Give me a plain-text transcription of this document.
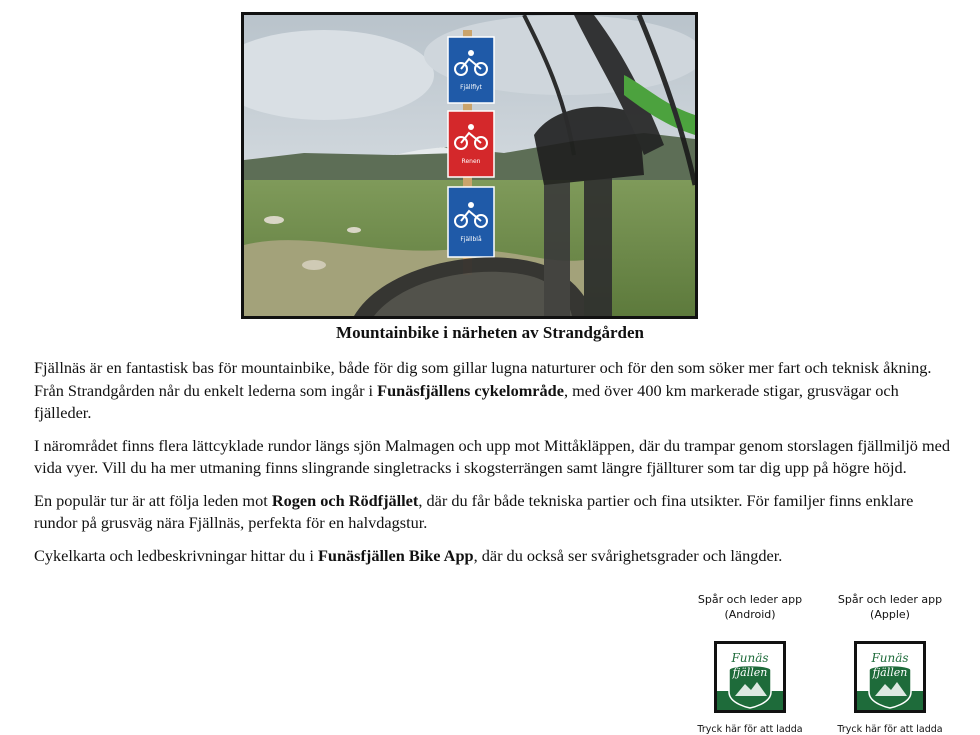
Fjällflyt
Renen
Fjällblå
Mountainbike i närheten av Strandgården

Fjällnäs är en fantastisk bas för mountainbike, både för dig som gillar lugna naturturer och för den som söker mer fart och teknisk åkning. Från Strandgården når du enkelt lederna som ingår i Funäsfjällens cykelområde, med över 400 km markerade stigar, grusvägar och fjälleder.

I närområdet finns flera lättcyklade rundor längs sjön Malmagen och upp mot Mittåkläppen, där du trampar genom storslagen fjällmiljö med vida vyer. Vill du ha mer utmaning finns slingrande singletracks i skogsterrängen samt längre fjällturer som tar dig upp på högre höjd.

En populär tur är att följa leden mot Rogen och Rödfjället, där du får både tekniska partier och fina utsikter. För familjer finns enklare rundor på grusväg nära Fjällnäs, perfekta för en halvdagstur.

Cykelkarta och ledbeskrivningar hittar du i Funäsfjällen Bike App, där du också ser svårighetsgrader och längder.

Spår och leder app
(Android)
Funäs
fjällen
Tryck här för att ladda
Spår och leder app
(Apple)
Funäs
fjällen
Tryck här för att ladda
